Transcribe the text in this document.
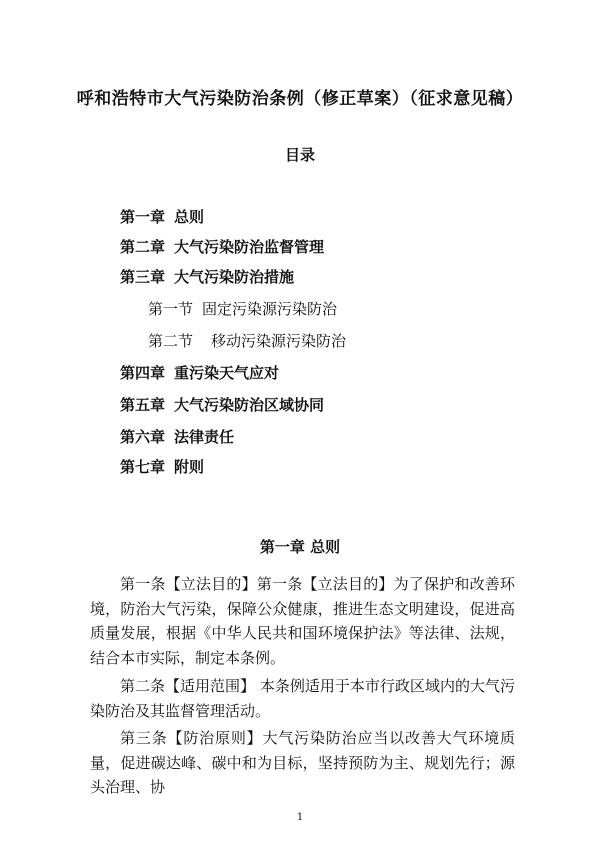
呼和浩特市大气污染防治条例（修正草案）（征求意见稿）
目录
第一章 总则
第二章 大气污染防治监督管理
第三章 大气污染防治措施
第一节 固定污染源污染防治
第二节 移动污染源污染防治
第四章 重污染天气应对
第五章 大气污染防治区域协同
第六章 法律责任
第七章 附则
第一章 总则

第一条【立法目的】第一条【立法目的】为了保护和改善环境，防治大气污染，保障公众健康，推进生态文明建设，促进高质量发展，根据《中华人民共和国环境保护法》等法律、法规，结合本市实际，制定本条例。

第二条【适用范围】 本条例适用于本市行政区域内的大气污染防治及其监督管理活动。

第三条【防治原则】大气污染防治应当以改善大气环境质量，促进碳达峰、碳中和为目标，坚持预防为主、规划先行；源头治理、协

1
